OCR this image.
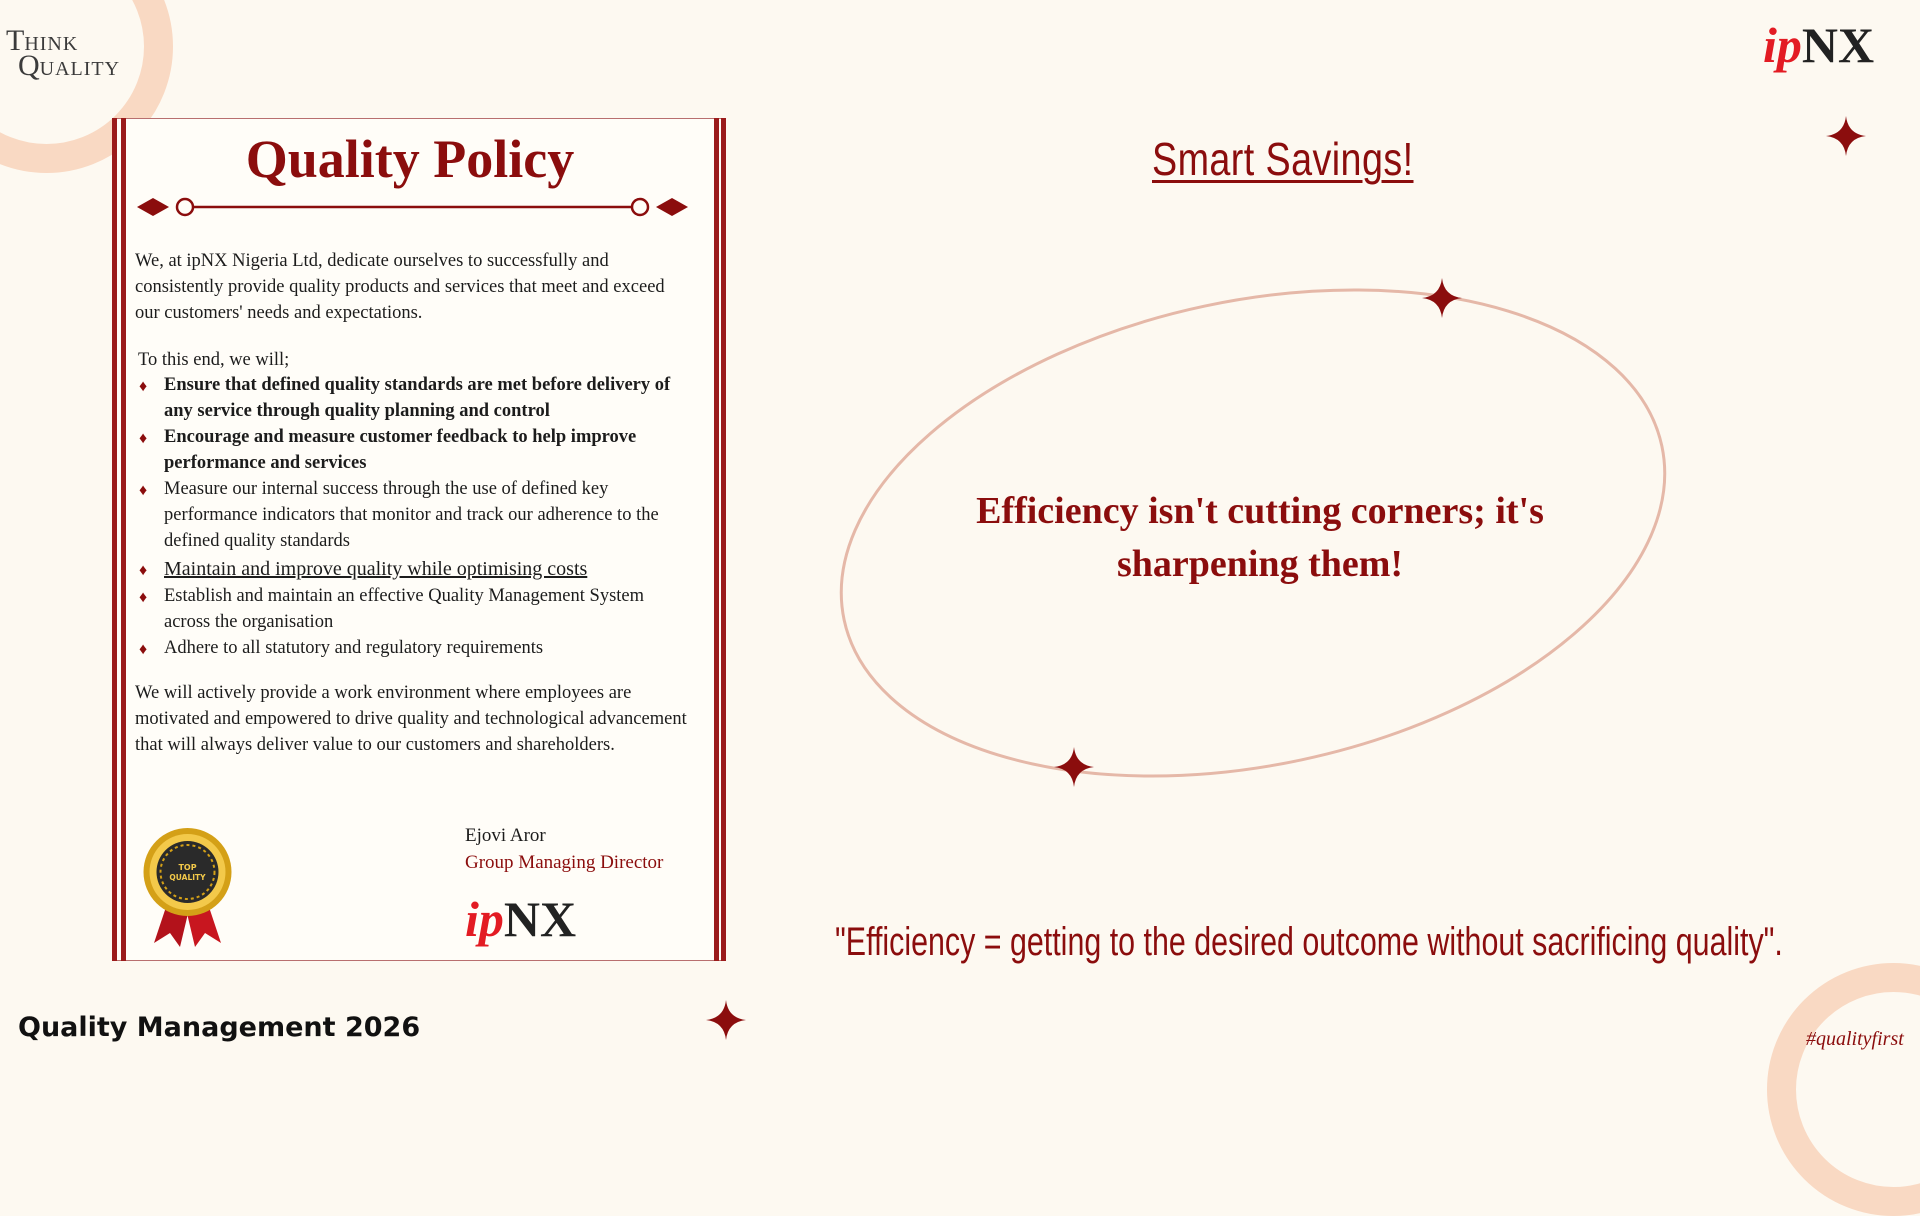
THINK
QUALITY	ipNX
Quality Policy

We, at ipNX Nigeria Ltd, dedicate ourselves to successfully and consistently provide quality products and services that meet and exceed our customers' needs and expectations.

To this end, we will;

♦ Ensure that defined quality standards are met before delivery of any service through quality planning and control
♦ Encourage and measure customer feedback to help improve performance and services
♦ Measure our internal success through the use of defined key performance indicators that monitor and track our adherence to the defined quality standards
♦ Maintain and improve quality while optimising costs
♦ Establish and maintain an effective Quality Management System across the organisation
♦ Adhere to all statutory and regulatory requirements

We will actively provide a work environment where employees are motivated and empowered to drive quality and technological advancement that will always deliver value to our customers and shareholders.

TOP
QUALITY
Ejovi Aror
Group Managing Director
ipNX
Smart Savings!
Efficiency isn't cutting corners; it's sharpening them!
"Efficiency = getting to the desired outcome without sacrificing quality".
Quality Management 2026	#qualityfirst
